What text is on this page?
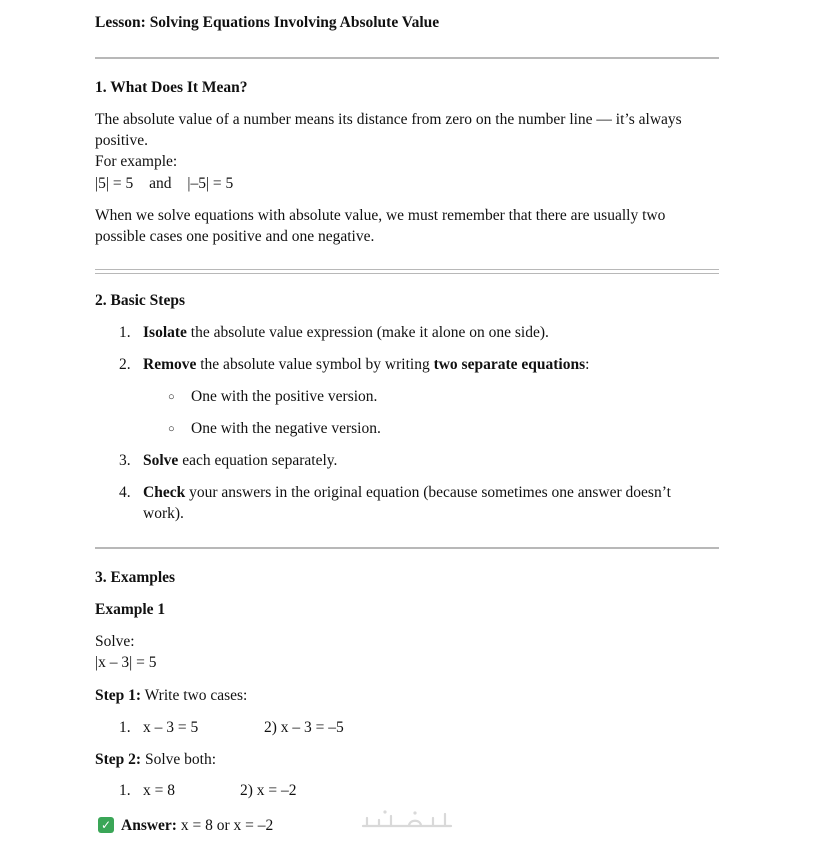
Lesson: Solving Equations Involving Absolute Value
1. What Does It Mean?
The absolute value of a number means its distance from zero on the number line — it’s always
positive.
For example:
|5| = 5 and |–5| = 5
When we solve equations with absolute value, we must remember that there are usually two
possible cases one positive and one negative.
2. Basic Steps
1. Isolate the absolute value expression (make it alone on one side).
2. Remove the absolute value symbol by writing two separate equations:
○ One with the positive version.
○ One with the negative version.
3. Solve each equation separately.
4. Check your answers in the original equation (because sometimes one answer doesn’t work).
3. Examples
Example 1
Solve:
|x – 3| = 5
Step 1: Write two cases:
1. x – 3 = 5	2) x – 3 = –5
Step 2: Solve both:
1. x = 8	2) x = –2
✓ Answer: x = 8 or x = –2
